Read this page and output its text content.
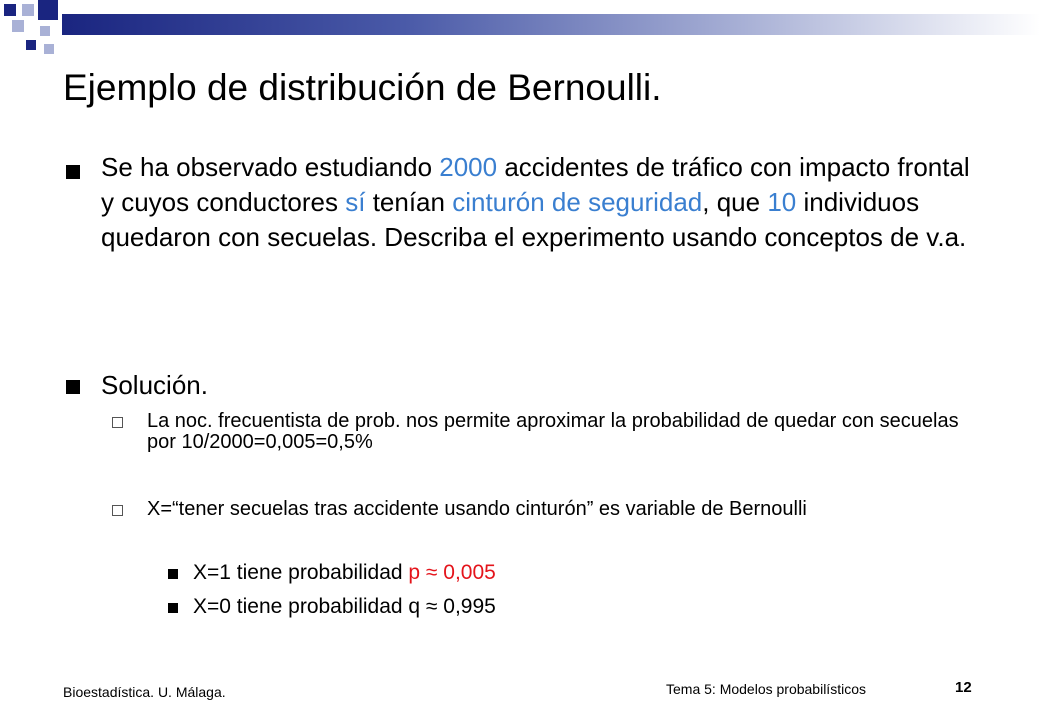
Ejemplo de distribución de Bernoulli.
Se ha observado estudiando 2000 accidentes de tráfico con impacto frontal y cuyos conductores sí tenían cinturón de seguridad, que 10 individuos quedaron con secuelas. Describa el experimento usando conceptos de v.a.
Solución.
La noc. frecuentista de prob. nos permite aproximar la probabilidad de quedar con secuelas por 10/2000=0,005=0,5%
X=“tener secuelas tras accidente usando cinturón” es variable de Bernoulli
X=1 tiene probabilidad p ≈ 0,005
X=0 tiene probabilidad q ≈ 0,995
Bioestadística. U. Málaga.	Tema 5: Modelos probabilísticos	12
